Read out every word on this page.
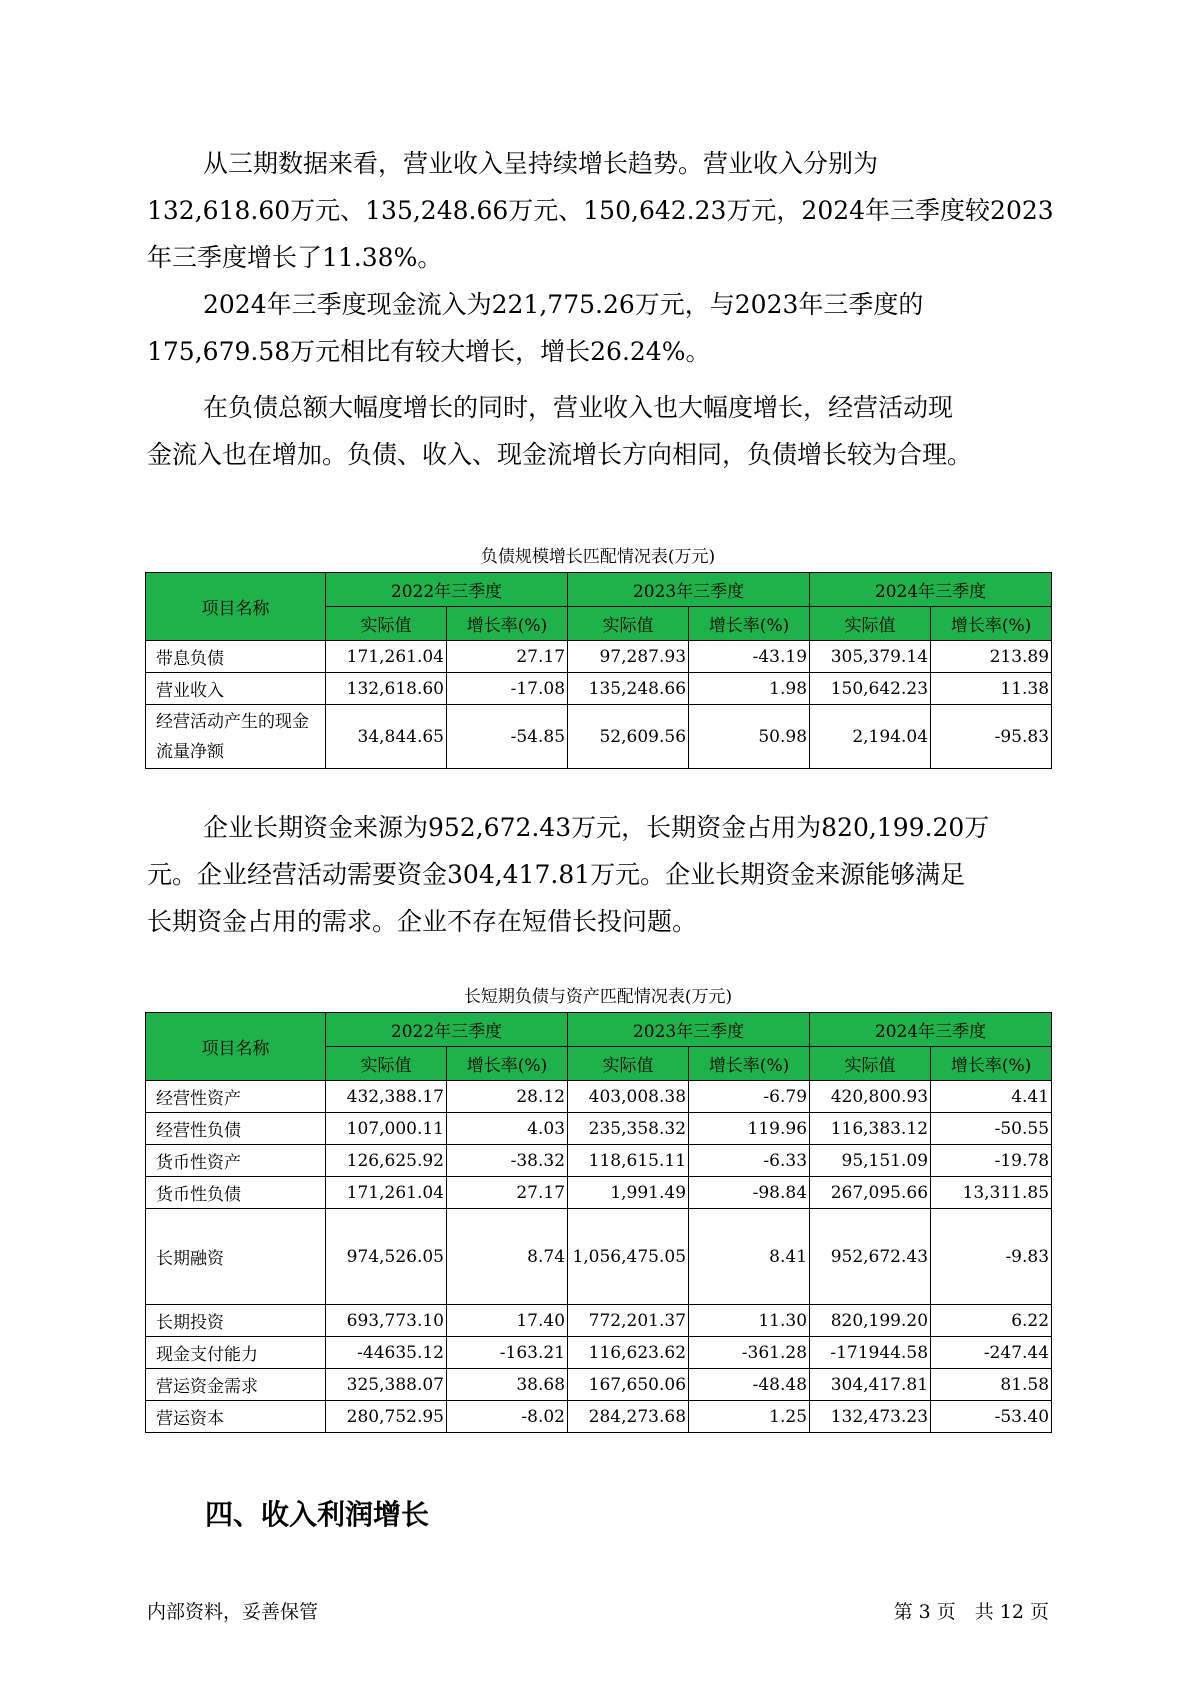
从三期数据来看，营业收入呈持续增长趋势。营业收入分别为
132,618.60万元、135,248.66万元、150,642.23万元，2024年三季度较2023
年三季度增长了11.38%。

2024年三季度现金流入为221,775.26万元，与2023年三季度的
175,679.58万元相比有较大增长，增长26.24%。

在负债总额大幅度增长的同时，营业收入也大幅度增长，经营活动现
金流入也在增加。负债、收入、现金流增长方向相同，负债增长较为合理。

负债规模增长匹配情况表(万元)

项目名称	2022年三季度		2023年三季度		2024年三季度	
	实际值	增长率(%)	实际值	增长率(%)	实际值	增长率(%)
带息负债	171,261.04	27.17	97,287.93	-43.19	305,379.14	213.89
营业收入	132,618.60	-17.08	135,248.66	1.98	150,642.23	11.38
经营活动产生的现金流量净额	34,844.65	-54.85	52,609.56	50.98	2,194.04	-95.83

企业长期资金来源为952,672.43万元，长期资金占用为820,199.20万
元。企业经营活动需要资金304,417.81万元。企业长期资金来源能够满足
长期资金占用的需求。企业不存在短借长投问题。

长短期负债与资产匹配情况表(万元)

项目名称	2022年三季度		2023年三季度		2024年三季度	
	实际值	增长率(%)	实际值	增长率(%)	实际值	增长率(%)
经营性资产	432,388.17	28.12	403,008.38	-6.79	420,800.93	4.41
经营性负债	107,000.11	4.03	235,358.32	119.96	116,383.12	-50.55
货币性资产	126,625.92	-38.32	118,615.11	-6.33	95,151.09	-19.78
货币性负债	171,261.04	27.17	1,991.49	-98.84	267,095.66	13,311.85
长期融资	974,526.05	8.74	1,056,475.05	8.41	952,672.43	-9.83
长期投资	693,773.10	17.40	772,201.37	11.30	820,199.20	6.22
现金支付能力	-44635.12	-163.21	116,623.62	-361.28	-171944.58	-247.44
营运资金需求	325,388.07	38.68	167,650.06	-48.48	304,417.81	81.58
营运资本	280,752.95	-8.02	284,273.68	1.25	132,473.23	-53.40
四、收入利润增长
内部资料，妥善保管	第 3 页　共 12 页
